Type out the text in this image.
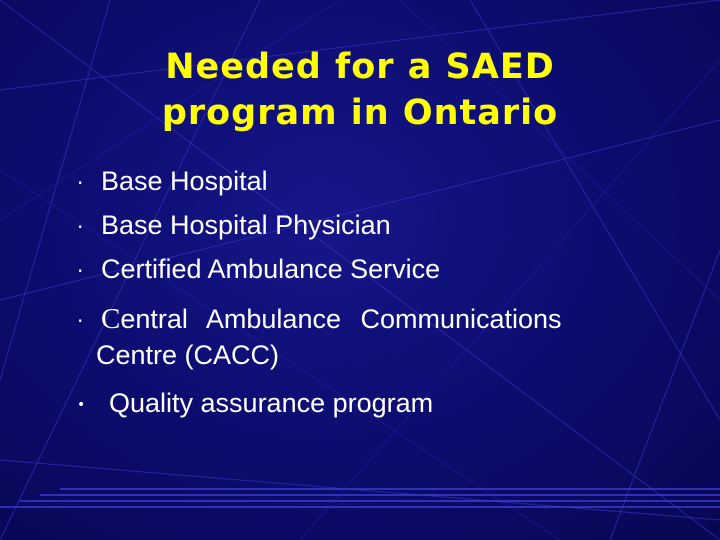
Needed for a SAED
program in Ontario
· Base Hospital
· Base Hospital Physician
· Certified Ambulance Service
· Central Ambulance Communications
Centre (CACC)
• Quality assurance program
